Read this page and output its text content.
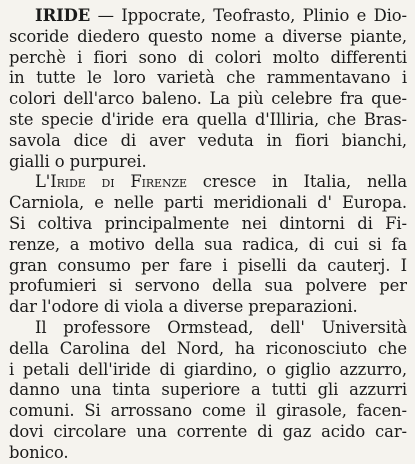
IRIDE — Ippocrate, Teofrasto, Plinio e Dio-
scoride diedero questo nome a diverse piante,
perchè i fiori sono di colori molto differenti
in tutte le loro varietà che rammentavano i
colori dell'arco baleno. La più celebre fra que-
ste specie d'iride era quella d'Illiria, che Bras-
savola dice di aver veduta in fiori bianchi,
gialli o purpurei.
L'Iride di Firenze cresce in Italia, nella
Carniola, e nelle parti meridionali d' Europa.
Si coltiva principalmente nei dintorni di Fi-
renze, a motivo della sua radica, di cui si fa
gran consumo per fare i piselli da cauterj. I
profumieri si servono della sua polvere per
dar l'odore di viola a diverse preparazioni.
Il professore Ormstead, dell' Università
della Carolina del Nord, ha riconosciuto che
i petali dell'iride di giardino, o giglio azzurro,
danno una tinta superiore a tutti gli azzurri
comuni. Si arrossano come il girasole, facen-
dovi circolare una corrente di gaz acido car-
bonico.
